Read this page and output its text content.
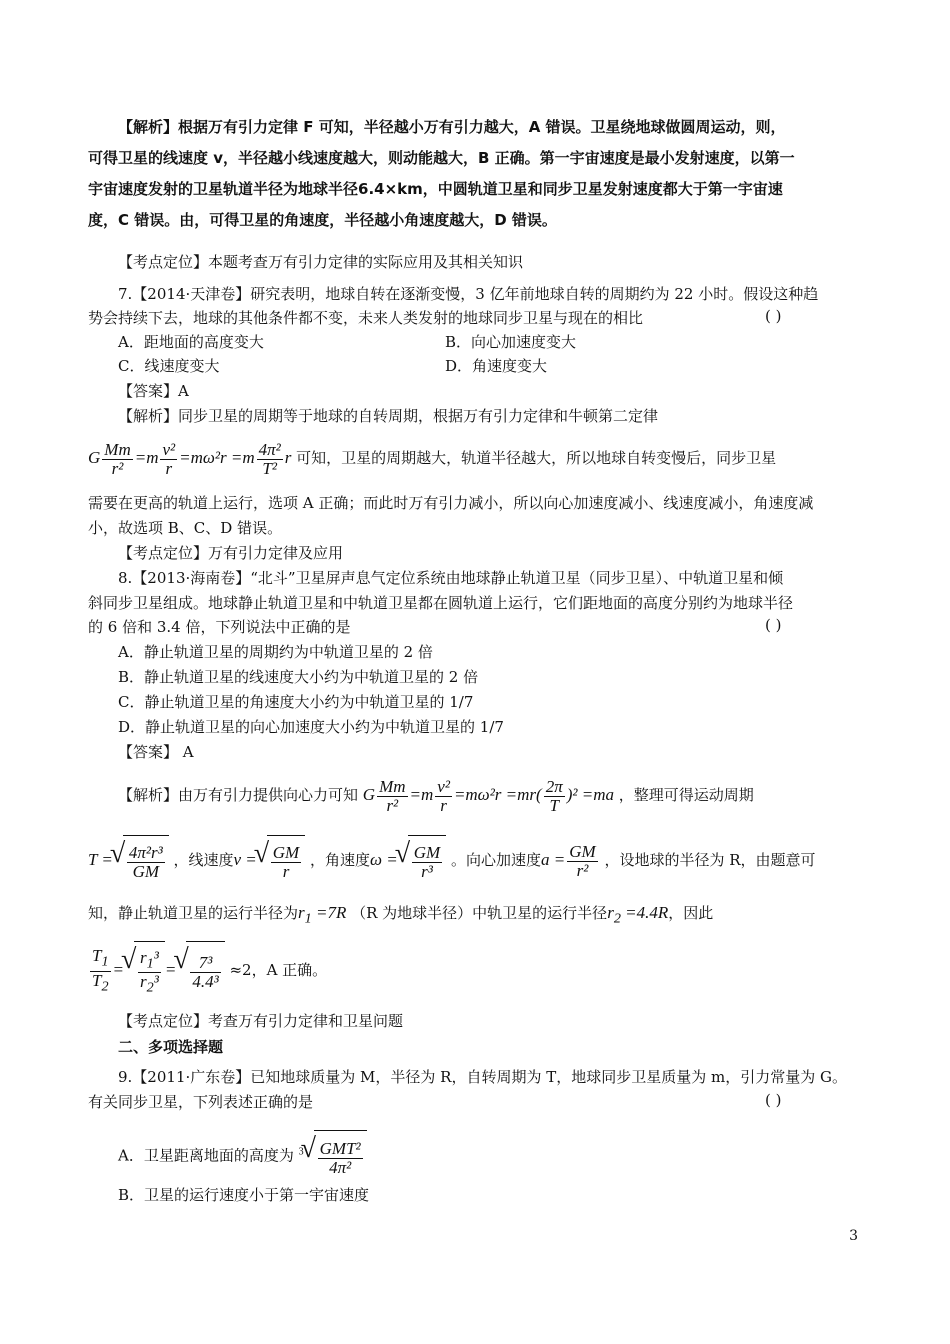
【解析】根据万有引力定律 F 可知，半径越小万有引力越大，A 错误。卫星绕地球做圆周运动，则，
可得卫星的线速度 v，半径越小线速度越大，则动能越大，B 正确。第一宇宙速度是最小发射速度，以第一
宇宙速度发射的卫星轨道半径为地球半径6.4×km，中圆轨道卫星和同步卫星发射速度都大于第一宇宙速
度，C 错误。由，可得卫星的角速度，半径越小角速度越大，D 错误。
【考点定位】本题考查万有引力定律的实际应用及其相关知识
7.【2014·天津卷】研究表明，地球自转在逐渐变慢，3 亿年前地球自转的周期约为 22 小时。假设这种趋
势会持续下去，地球的其他条件都不变，未来人类发射的地球同步卫星与现在的相比	( )
A．距地面的高度变大	B．向心加速度变大
C．线速度变大	D．角速度变大
【答案】A
【解析】同步卫星的周期等于地球的自转周期，根据万有引力定律和牛顿第二定律
G $\frac{Mm}{\text{r²}} =m \frac{\text{v²}}{r} =m\omega^2r =m \frac{\text{4π²}}{\text{T²}}$ r 可知，卫星的周期越大，轨道半径越大，所以地球自转变慢后，同步卫星
需要在更高的轨道上运行，选项 A 正确；而此时万有引力减小，所以向心加速度减小、线速度减小，角速度减
小，故选项 B、C、D 错误。
【考点定位】万有引力定律及应用
8.【2013·海南卷】“北斗”卫星屏声息气定位系统由地球静止轨道卫星（同步卫星）、中轨道卫星和倾
斜同步卫星组成。地球静止轨道卫星和中轨道卫星都在圆轨道上运行，它们距地面的高度分别约为地球半径
的 6 倍和 3.4 倍，下列说法中正确的是	( )
A．静止轨道卫星的周期约为中轨道卫星的 2 倍
B．静止轨道卫星的线速度大小约为中轨道卫星的 2 倍
C．静止轨道卫星的角速度大小约为中轨道卫星的 1/7
D．静止轨道卫星的向心加速度大小约为中轨道卫星的 1/7
【答案】 A
【解析】由万有引力提供向心力可知 G $\frac{Mm}{\text{r²}} =m \frac{\text{v²}}{r} =m\omega^2r =mr( \frac{2\pi}{T} )^2 =ma$ ，整理可得运动周期
T = √ $\frac{\text{4π²r³}}{GM}$ ，线速度v = √ $\frac{GM}{r}$ ，角速度ω = √ $\frac{GM}{\text{r³}}$ 。向心加速度$a = \frac{GM}{\text{r²}}$ ，设地球的半径为 R，由题意可
知，静止轨道卫星的运行半径为$r_1 =7R$ （R 为地球半径）中轨卫星的运行半径$r_2 =4.4R$，因此
$\frac{T_1}{T_2}$ = √ $\frac{r_1^3}{r_2^3}$ = √ $\frac{\text{7³}}{\text{4.4³}} \approx 2$，A 正确。
【考点定位】考查万有引力定律和卫星问题
二、多项选择题
9.【2011·广东卷】已知地球质量为 M，半径为 R，自转周期为 T，地球同步卫星质量为 m，引力常量为 G。
有关同步卫星，下列表述正确的是	( )
A．卫星距离地面的高度为 $^3$ √ $\frac{\text{GMT²}}{\text{4π²}}$
B．卫星的运行速度小于第一宇宙速度
3
